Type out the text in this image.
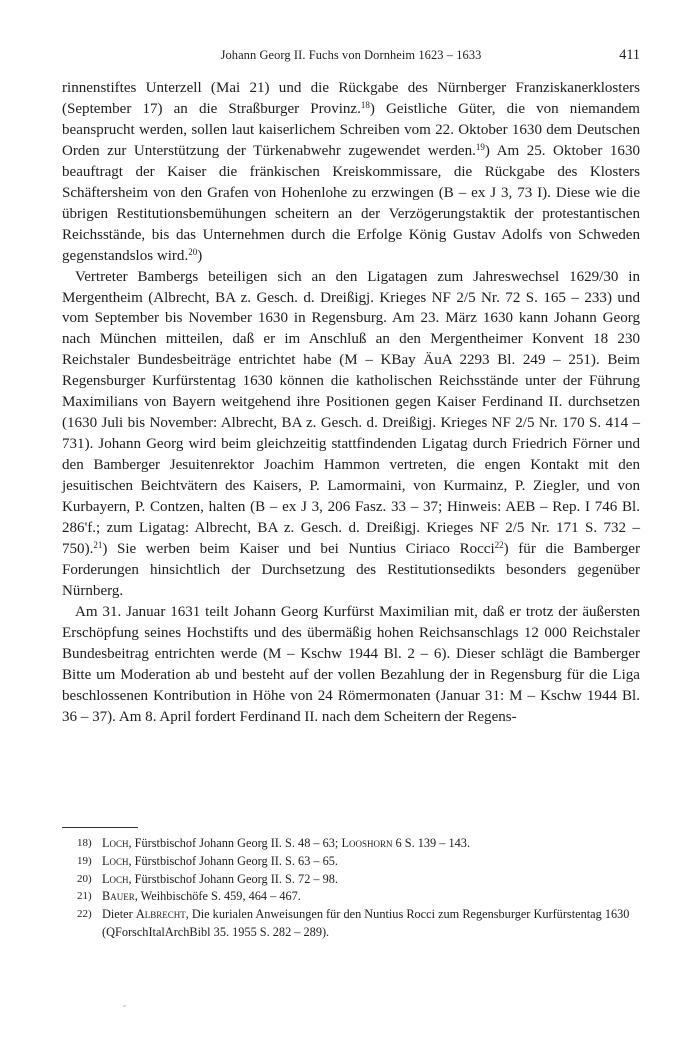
Johann Georg II. Fuchs von Dornheim 1623 – 1633	411

rinnenstiftes Unterzell (Mai 21) und die Rückgabe des Nürnberger Franziskanerklosters (September 17) an die Straßburger Provinz.$^{18}$) Geistliche Güter, die von niemandem beansprucht werden, sollen laut kaiserlichem Schreiben vom 22. Oktober 1630 dem Deutschen Orden zur Unterstützung der Türkenabwehr zugewendet werden.$^{19}$) Am 25. Oktober 1630 beauftragt der Kaiser die fränkischen Kreiskommissare, die Rückgabe des Klosters Schäftersheim von den Grafen von Hohenlohe zu erzwingen (B – ex J 3, 73 I). Diese wie die übrigen Restitutionsbemühungen scheitern an der Verzögerungstaktik der protestantischen Reichsstände, bis das Unternehmen durch die Erfolge König Gustav Adolfs von Schweden gegenstandslos wird.$^{20}$)

Vertreter Bambergs beteiligen sich an den Ligatagen zum Jahreswechsel 1629/30 in Mergentheim (Albrecht, BA z. Gesch. d. Dreißigj. Krieges NF 2/5 Nr. 72 S. 165 – 233) und vom September bis November 1630 in Regensburg. Am 23. März 1630 kann Johann Georg nach München mitteilen, daß er im Anschluß an den Mergentheimer Konvent 18 230 Reichstaler Bundesbeiträge entrichtet habe (M – KBay ÄuA 2293 Bl. 249 – 251). Beim Regensburger Kurfürstentag 1630 können die katholischen Reichsstände unter der Führung Maximilians von Bayern weitgehend ihre Positionen gegen Kaiser Ferdinand II. durchsetzen (1630 Juli bis November: Albrecht, BA z. Gesch. d. Dreißigj. Krieges NF 2/5 Nr. 170 S. 414 – 731). Johann Georg wird beim gleichzeitig stattfindenden Ligatag durch Friedrich Förner und den Bamberger Jesuitenrektor Joachim Hammon vertreten, die engen Kontakt mit den jesuitischen Beichtvätern des Kaisers, P. Lamormaini, von Kurmainz, P. Ziegler, und von Kurbayern, P. Contzen, halten (B – ex J 3, 206 Fasz. 33 – 37; Hinweis: AEB – Rep. I 746 Bl. 286'f.; zum Ligatag: Albrecht, BA z. Gesch. d. Dreißigj. Krieges NF 2/5 Nr. 171 S. 732 – 750).$^{21}$) Sie werben beim Kaiser und bei Nuntius Ciriaco Rocci$^{22}$) für die Bamberger Forderungen hinsichtlich der Durchsetzung des Restitutionsedikts besonders gegenüber Nürnberg.

Am 31. Januar 1631 teilt Johann Georg Kurfürst Maximilian mit, daß er trotz der äußersten Erschöpfung seines Hochstifts und des übermäßig hohen Reichsanschlags 12 000 Reichstaler Bundesbeitrag entrichten werde (M – Kschw 1944 Bl. 2 – 6). Dieser schlägt die Bamberger Bitte um Moderation ab und besteht auf der vollen Bezahlung der in Regensburg für die Liga beschlossenen Kontribution in Höhe von 24 Römermonaten (Januar 31: M – Kschw 1944 Bl. 36 – 37). Am 8. April fordert Ferdinand II. nach dem Scheitern der Regens-

18) Loch, Fürstbischof Johann Georg II. S. 48 – 63; Looshorn 6 S. 139 – 143.
19) Loch, Fürstbischof Johann Georg II. S. 63 – 65.
20) Loch, Fürstbischof Johann Georg II. S. 72 – 98.
21) Bauer, Weihbischöfe S. 459, 464 – 467.
22) Dieter Albrecht, Die kurialen Anweisungen für den Nuntius Rocci zum Regensburger Kurfürstentag 1630 (QForschItalArchBibl 35. 1955 S. 282 – 289).
